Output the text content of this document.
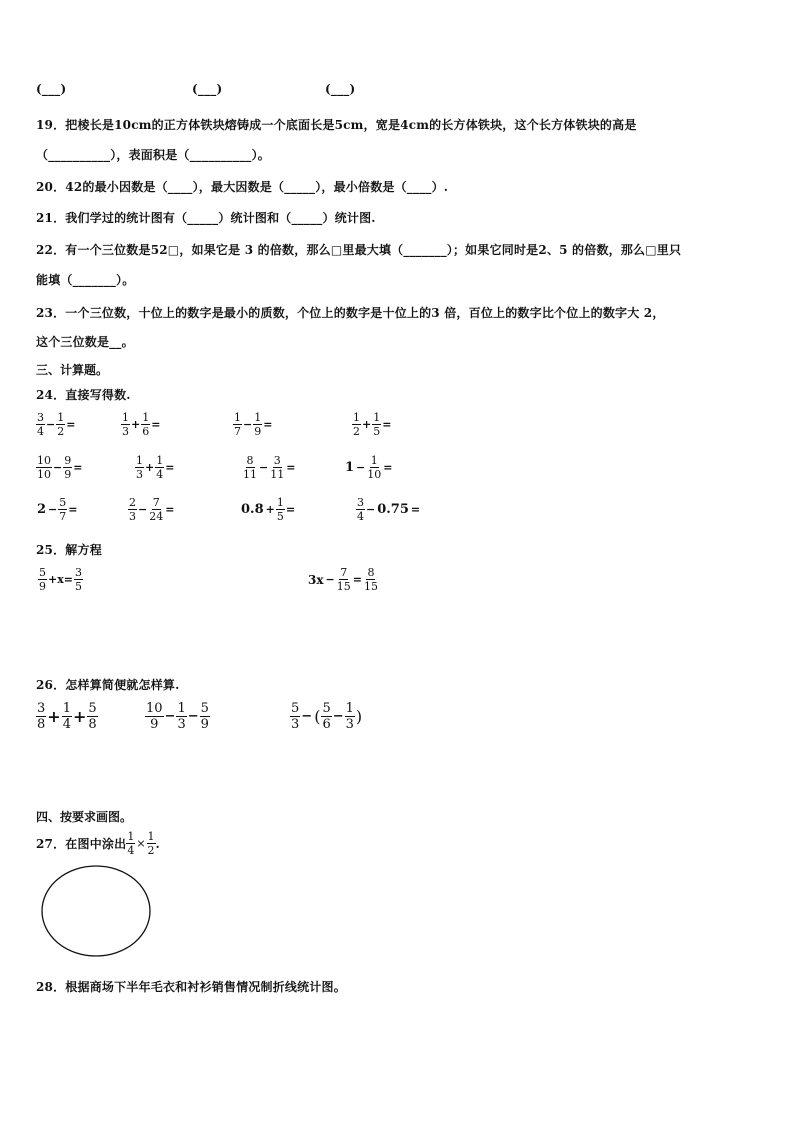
(___)	(___)	(___)
19．把棱长是10cm的正方体铁块熔铸成一个底面长是5cm，宽是4cm的长方体铁块，这个长方体铁块的高是
（__________），表面积是（__________）。
20．42的最小因数是（____），最大因数是（_____），最小倍数是（____）.
21．我们学过的统计图有（_____）统计图和（_____）统计图.
22．有一个三位数是52□，如果它是 3 的倍数，那么□里最大填（_______）；如果它同时是2、5 的倍数，那么□里只
能填（_______）。
23．一个三位数，十位上的数字是最小的质数，个位上的数字是十位上的3 倍，百位上的数字比个位上的数字大 2，
这个三位数是__。
三、计算题。
24．直接写得数.
$\frac{3}{4} - \frac{1}{2}$ =	$\frac{1}{3} + \frac{1}{6}$ =	$\frac{1}{7} - \frac{1}{9}$ =	$\frac{1}{2} + \frac{1}{5}$ =
$\frac{10}{10} - \frac{9}{9}$ =	$\frac{1}{3} + \frac{1}{4}$ =	$\frac{8}{11} - \frac{3}{11}$ =	$1 - \frac{1}{10}$ =
$2 - \frac{5}{7}$ =	$\frac{2}{3} - \frac{7}{24}$ =	$0.8 + \frac{1}{5}$ =	$\frac{3}{4} - 0.75$ =
25．解方程
$\frac{5}{9} +x= \frac{3}{5}$	$3x - \frac{7}{15} = \frac{8}{15}$
26．怎样算简便就怎样算.
$\frac{3}{8} + \frac{1}{4} + \frac{5}{8}$	$\frac{10}{9} - \frac{1}{3} - \frac{5}{9}$	$\frac{5}{3}$ − ( $\frac{5}{6} - \frac{1}{3}$ )
四、按要求画图。
27．在图中涂出 $\frac{1}{4} \times \frac{1}{2}$ .
28．根据商场下半年毛衣和衬衫销售情况制折线统计图。
